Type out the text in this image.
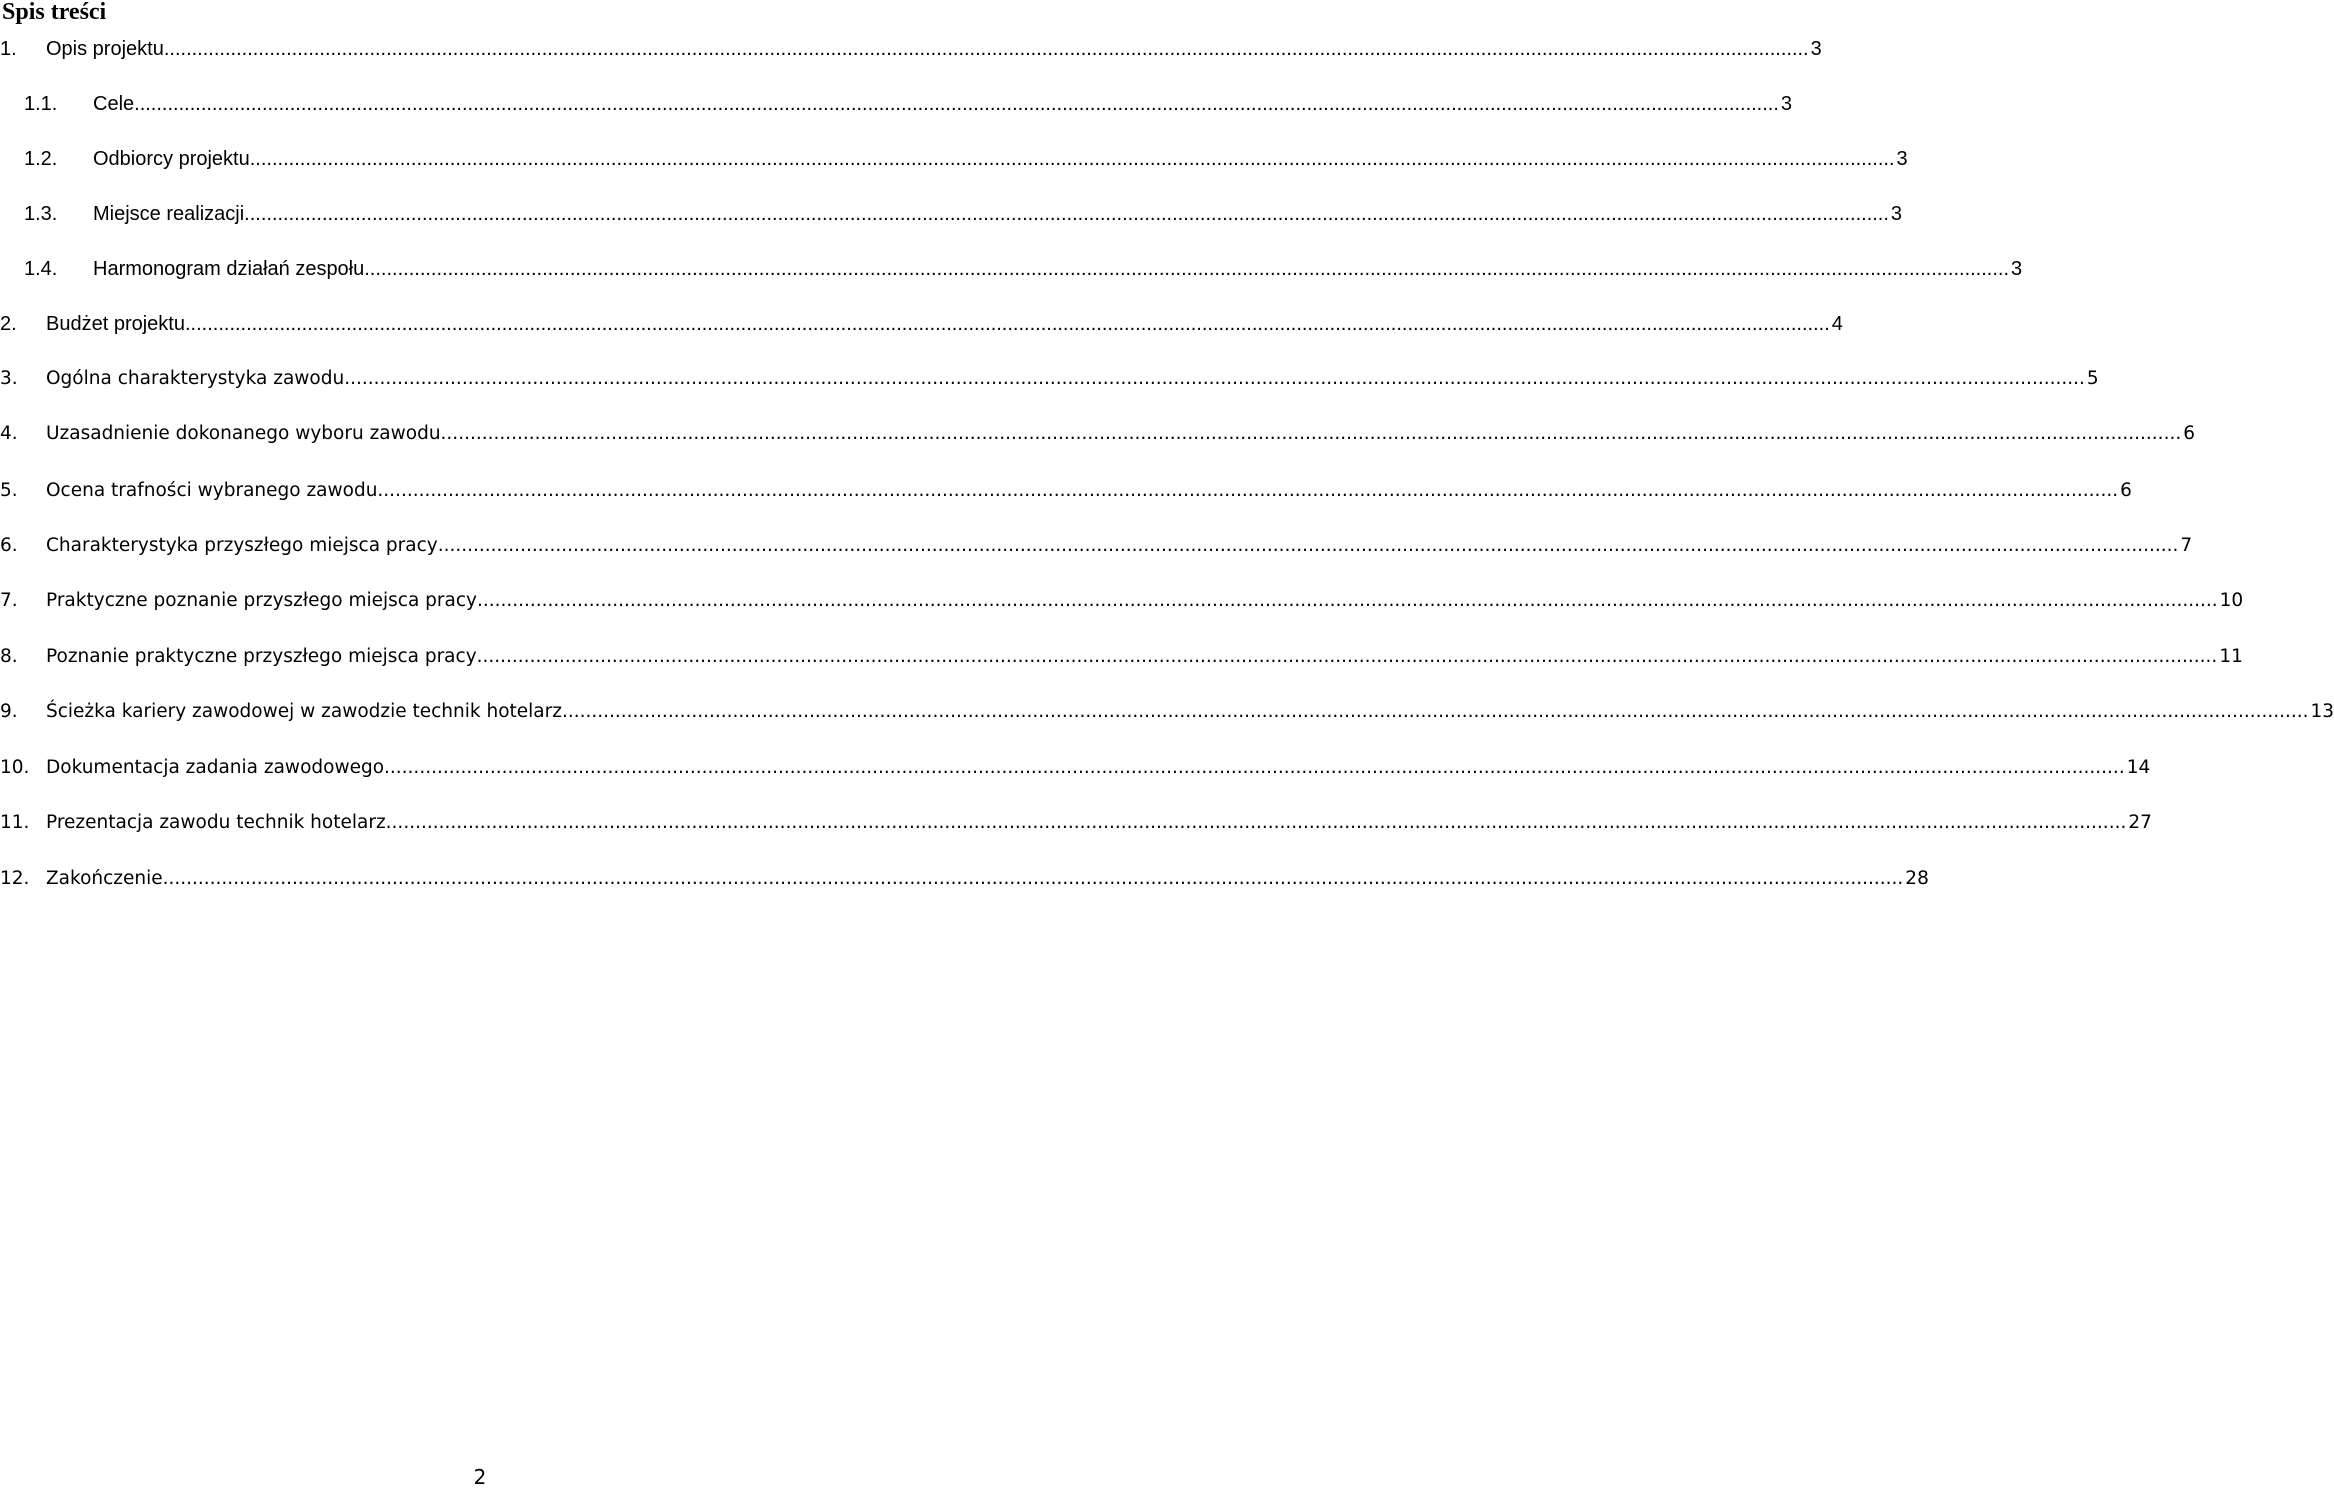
Spis treści
1. Opis projektu .....	3
1.1. Cele .....	3
1.2. Odbiorcy projektu .....	3
1.3. Miejsce realizacji .....	3
1.4. Harmonogram działań zespołu .....	3
2. Budżet projektu .....	4
3. Ogólna charakterystyka zawodu .....	5
4. Uzasadnienie dokonanego wyboru zawodu .....	6
5. Ocena trafności wybranego zawodu .....	6
6. Charakterystyka przyszłego miejsca pracy .....	7
7. Praktyczne poznanie przyszłego miejsca pracy .....	10
8. Poznanie praktyczne przyszłego miejsca pracy .....	11
9. Ścieżka kariery zawodowej w zawodzie technik hotelarz. .....	13
10. Dokumentacja zadania zawodowego .....	14
11. Prezentacja zawodu technik hotelarz .....	27
12. Zakończenie .....	28
2
